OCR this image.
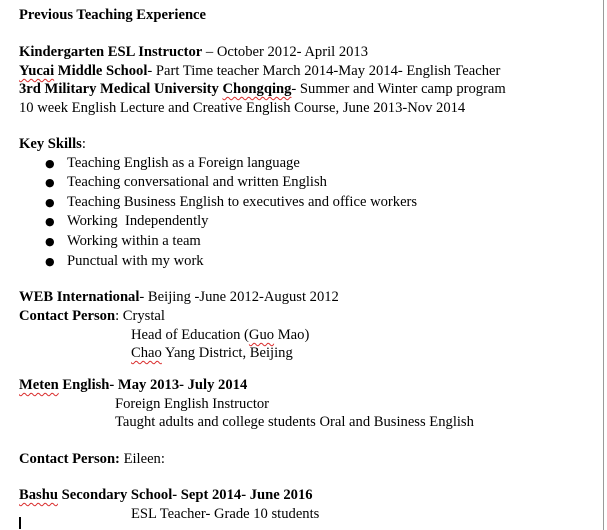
Previous Teaching Experience
Kindergarten ESL Instructor – October 2012- April 2013
Yucai Middle School- Part Time teacher March 2014-May 2014- English Teacher
3rd Military Medical University Chongqing- Summer and Winter camp program
10 week English Lecture and Creative English Course, June 2013-Nov 2014
Key Skills:
● Teaching English as a Foreign language
● Teaching conversational and written English
● Teaching Business English to executives and office workers
● Working  Independently
● Working within a team
● Punctual with my work
WEB International- Beijing -June 2012-August 2012
Contact Person: Crystal
Head of Education (Guo Mao)
Chao Yang District, Beijing
Meten English- May 2013- July 2014
Foreign English Instructor
Taught adults and college students Oral and Business English
Contact Person: Eileen:
Bashu Secondary School- Sept 2014- June 2016
ESL Teacher- Grade 10 students
